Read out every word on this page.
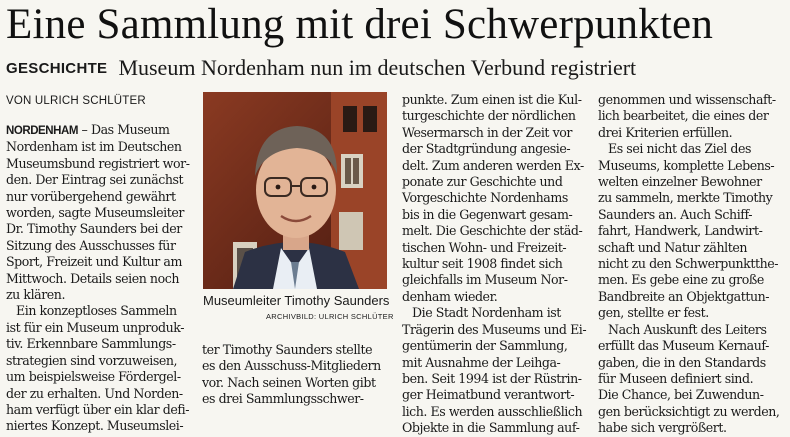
Eine Sammlung mit drei Schwerpunkten
GESCHICHTE Museum Nordenham nun im deutschen Verbund registriert
VON ULRICH SCHLÜTER

NORDENHAM – Das Museum

Nordenham ist im Deutschen

Museumsbund registriert wor-

den. Der Eintrag sei zunächst

nur vorübergehend gewährt

worden, sagte Museumsleiter

Dr. Timothy Saunders bei der

Sitzung des Ausschusses für

Sport, Freizeit und Kultur am

Mittwoch. Details seien noch

zu klären.

Ein konzeptloses Sammeln

ist für ein Museum unproduk-

tiv. Erkennbare Sammlungs-

strategien sind vorzuweisen,

um beispielsweise Fördergel-

der zu erhalten. Und Norden-

ham verfügt über ein klar defi-

niertes Konzept. Museumslei-

Museumleiter Timothy Saunders
ARCHIVBILD: ULRICH SCHLÜTER

ter Timothy Saunders stellte

es den Ausschuss-Mitgliedern

vor. Nach seinen Worten gibt

es drei Sammlungsschwer-

punkte. Zum einen ist die Kul-

turgeschichte der nördlichen

Wesermarsch in der Zeit vor

der Stadtgründung angesie-

delt. Zum anderen werden Ex-

ponate zur Geschichte und

Vorgeschichte Nordenhams

bis in die Gegenwart gesam-

melt. Die Geschichte der städ-

tischen Wohn- und Freizeit-

kultur seit 1908 findet sich

gleichfalls im Museum Nor-

denham wieder.

Die Stadt Nordenham ist

Trägerin des Museums und Ei-

gentümerin der Sammlung,

mit Ausnahme der Leihga-

ben. Seit 1994 ist der Rüstrin-

ger Heimatbund verantwort-

lich. Es werden ausschließlich

Objekte in die Sammlung auf-

genommen und wissenschaft-

lich bearbeitet, die eines der

drei Kriterien erfüllen.

Es sei nicht das Ziel des

Museums, komplette Lebens-

welten einzelner Bewohner

zu sammeln, merkte Timothy

Saunders an. Auch Schiff-

fahrt, Handwerk, Landwirt-

schaft und Natur zählten

nicht zu den Schwerpunktthe-

men. Es gebe eine zu große

Bandbreite an Objektgattun-

gen, stellte er fest.

Nach Auskunft des Leiters

erfüllt das Museum Kernauf-

gaben, die in den Standards

für Museen definiert sind.

Die Chance, bei Zuwendun-

gen berücksichtigt zu werden,

habe sich vergrößert.
